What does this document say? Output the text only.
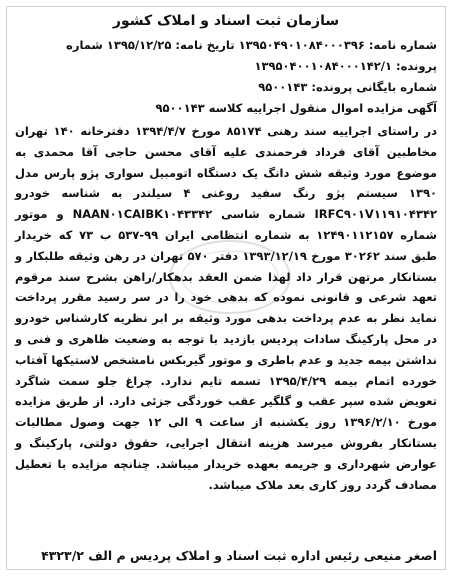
سازمان ثبت اسناد و املاک کشور
شماره نامه: ۱۳۹۵۰۴۹۰۱۰۸۴۰۰۰۳۹۶ تاریخ نامه: ۱۳۹۵/۱۲/۲۵ شماره
پرونده: ۱۳۹۵۰۴۰۰۱۰۸۴۰۰۰۱۴۲/۱
شماره بایگانی پرونده: ۹۵۰۰۱۴۳
آگهی مزایده اموال منقول اجراییه کلاسه ۹۵۰۰۱۴۳
در راستای اجراییه سند رهنی ۸۵۱۷۴ مورخ ۱۳۹۴/۴/۷ دفترخانه ۱۴۰ تهران مخاطبین آقای فرداد فرحمندی علیه آقای محسن حاجی آقا محمدی به موضوع مورد وثیقه شش دانگ یک دستگاه اتومبیل سواری پژو پارس مدل ۱۳۹۰ سیستم پژو رنگ سفید روغنی ۴ سیلندر به شناسه خودرو IRFC۹۰۱V۱۱۹۱۰۴۳۴۲ شماره شاسی NAAN۰۱CAIBK۱۰۴۳۳۴۲ و موتور شماره ۱۲۴۹۰۱۱۲۱۵۷ به شماره انتظامی ایران ۹۹-۵۳۷ ب ۷۳ که خریدار طبق سند ۳۰۲۶۲ مورخ ۱۳۹۳/۱۲/۱۹ دفتر ۵۷۰ تهران در رهن وثیقه طلبکار و بستانکار مرتهن قرار داد لهذا ضمن العقد بدهکار/راهن بشرح سند مرقوم تعهد شرعی و قانونی نموده که بدهی خود را در سر رسید مقرر پرداخت نماید نظر به عدم پرداخت بدهی مورد وثیقه بر ابر نظریه کارشناس خودرو در محل پارکینگ سادات پردیس بازدید با توجه به وضعیت ظاهری و فنی و نداشتن بیمه جدید و عدم باطری و موتور گیربکس نامشخص لاستیکها آفتاب خورده اتمام بیمه ۱۳۹۵/۴/۲۹ تسمه تایم ندارد. چراغ جلو سمت شاگرد تعویض شده سپر عقب و گلگیر عقب خوردگی جزئی دارد. از طریق مزایده مورخ ۱۳۹۶/۲/۱۰ روز یکشنبه از ساعت ۹ الی ۱۲ جهت وصول مطالبات بستانکار بفروش میرسد هزینه انتقال اجرایی، حقوق دولتی، پارکینگ و عوارض شهرداری و جریمه بعهده خریدار میباشد. چنانچه مزایده با تعطیل مصادف گردد روز کاری بعد ملاک میباشد.
اصغر منیعی رئیس اداره ثبت اسناد و املاک پردیس م الف ۴۳۲۳/۲
